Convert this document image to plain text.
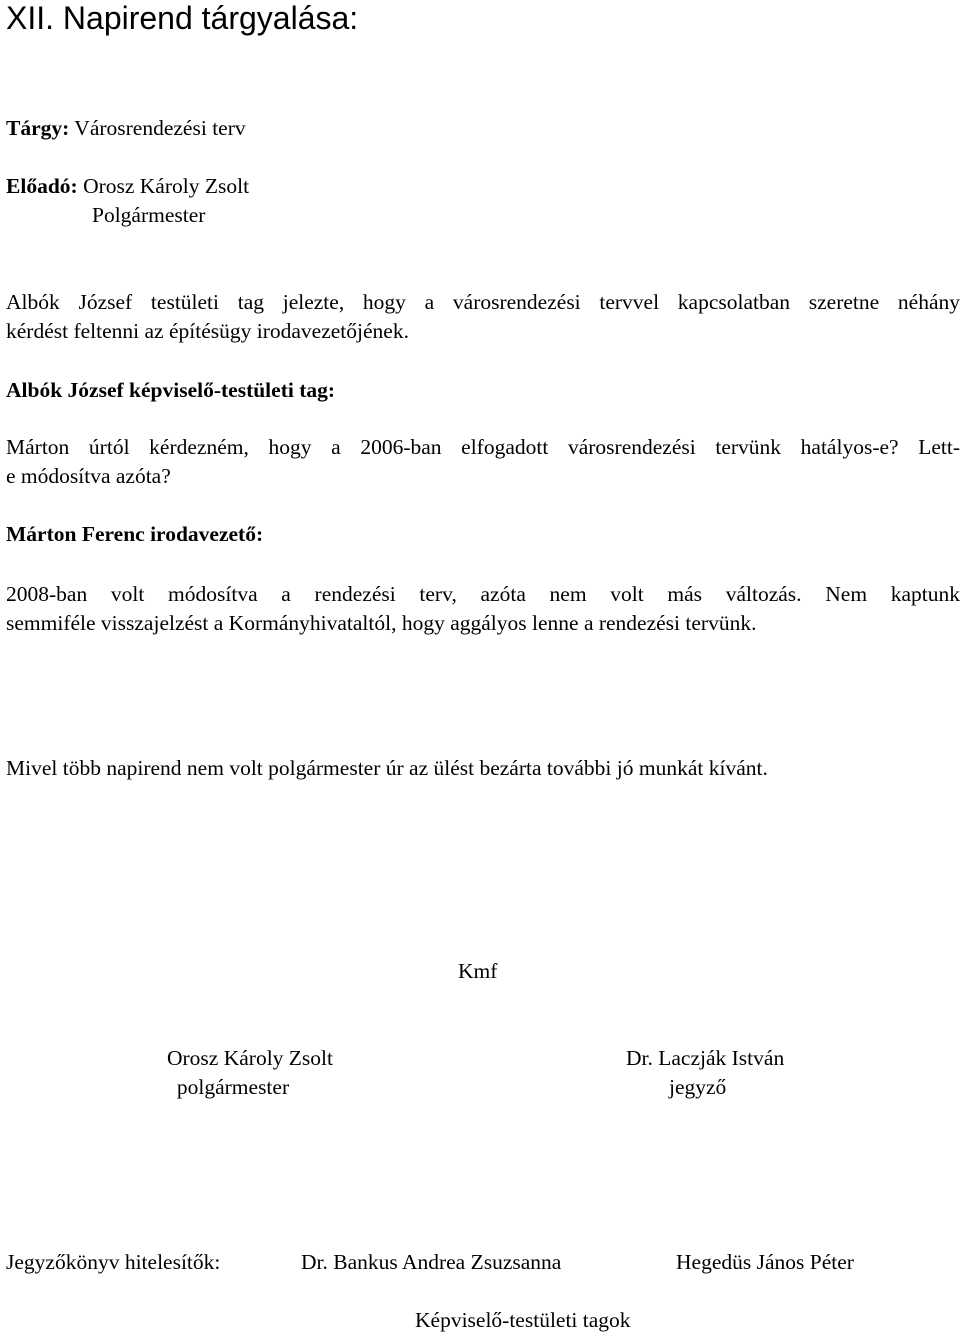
XII. Napirend tárgyalása:
Tárgy: Városrendezési terv
Előadó: Orosz Károly Zsolt
Polgármester
Albók József testületi tag jelezte, hogy a városrendezési tervvel kapcsolatban szeretne néhány
kérdést feltenni az építésügy irodavezetőjének.
Albók József képviselő-testületi tag:
Márton úrtól kérdezném, hogy a 2006-ban elfogadott városrendezési tervünk hatályos-e? Lett-
e módosítva azóta?
Márton Ferenc irodavezető:
2008-ban volt módosítva a rendezési terv, azóta nem volt más változás. Nem kaptunk
semmiféle visszajelzést a Kormányhivataltól, hogy aggályos lenne a rendezési tervünk.
Mivel több napirend nem volt polgármester úr az ülést bezárta további jó munkát kívánt.
Kmf
Orosz Károly Zsolt
polgármester
Dr. Laczják István
jegyző
Jegyzőkönyv hitelesítők:	Dr. Bankus Andrea Zsuzsanna	Hegedüs János Péter
Képviselő-testületi tagok
